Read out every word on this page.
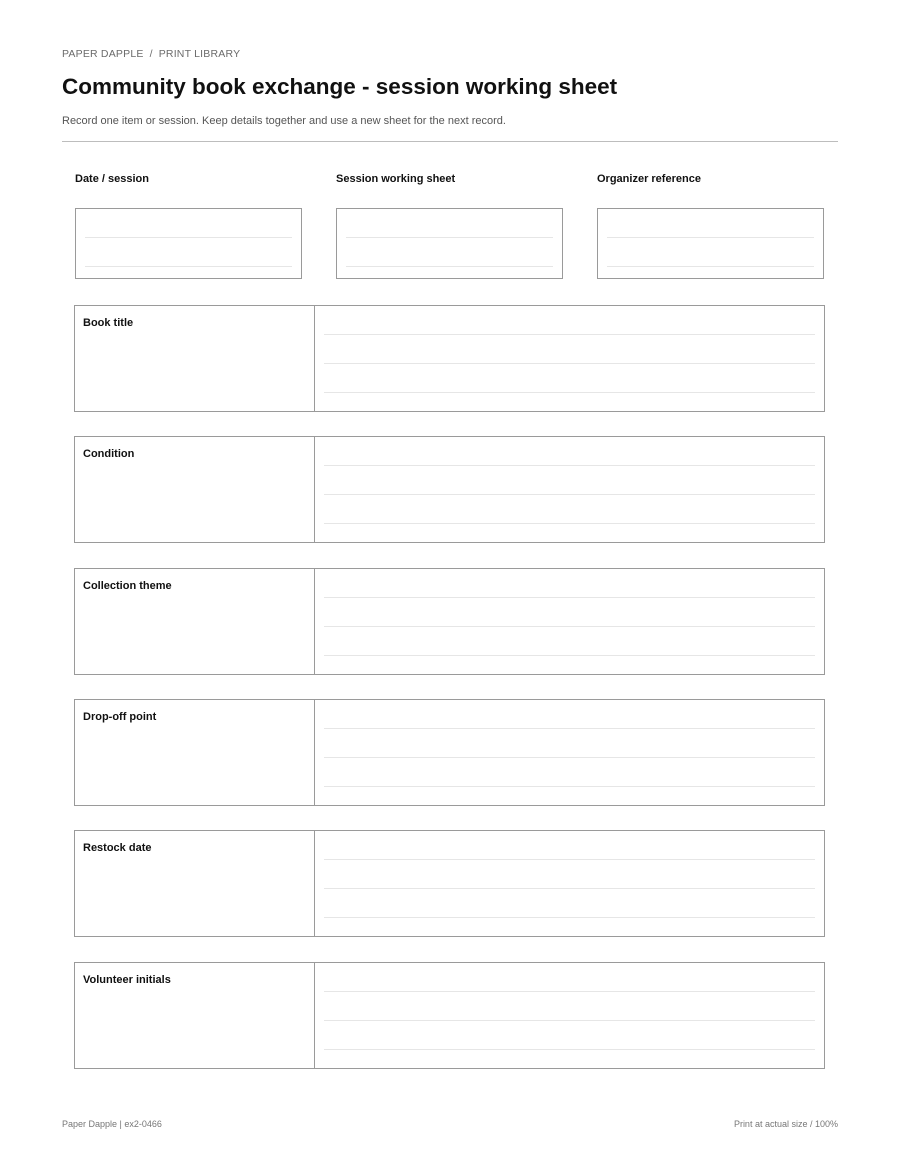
PAPER DAPPLE / PRINT LIBRARY
Community book exchange - session working sheet
Record one item or session. Keep details together and use a new sheet for the next record.
Date / session	Session working sheet	Organizer reference
Book title
Condition
Collection theme
Drop-off point
Restock date
Volunteer initials
Paper Dapple | ex2-0466	Print at actual size / 100%
